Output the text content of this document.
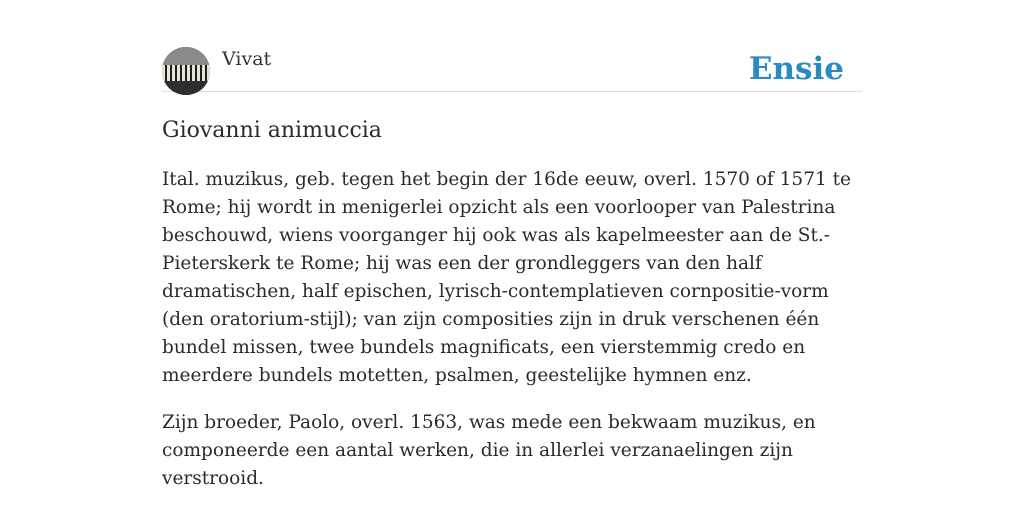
Vivat	Ensie
Giovanni animuccia

Ital. muzikus, geb. tegen het begin der 16de eeuw, overl. 1570 of 1571 te Rome; hij wordt in menigerlei opzicht als een voorlooper van Palestrina beschouwd, wiens voorganger hij ook was als kapelmeester aan de St.-Pieterskerk te Rome; hij was een der grondleggers van den half dramatischen, half epischen, lyrisch-contemplatieven cornpositie-vorm (den oratorium-stijl); van zijn composities zijn in druk verschenen één bundel missen, twee bundels magnificats, een vierstemmig credo en meerdere bundels motetten, psalmen, geestelijke hymnen enz.

Zijn broeder, Paolo, overl. 1563, was mede een bekwaam muzikus, en componeerde een aantal werken, die in allerlei verzanaelingen zijn verstrooid.
